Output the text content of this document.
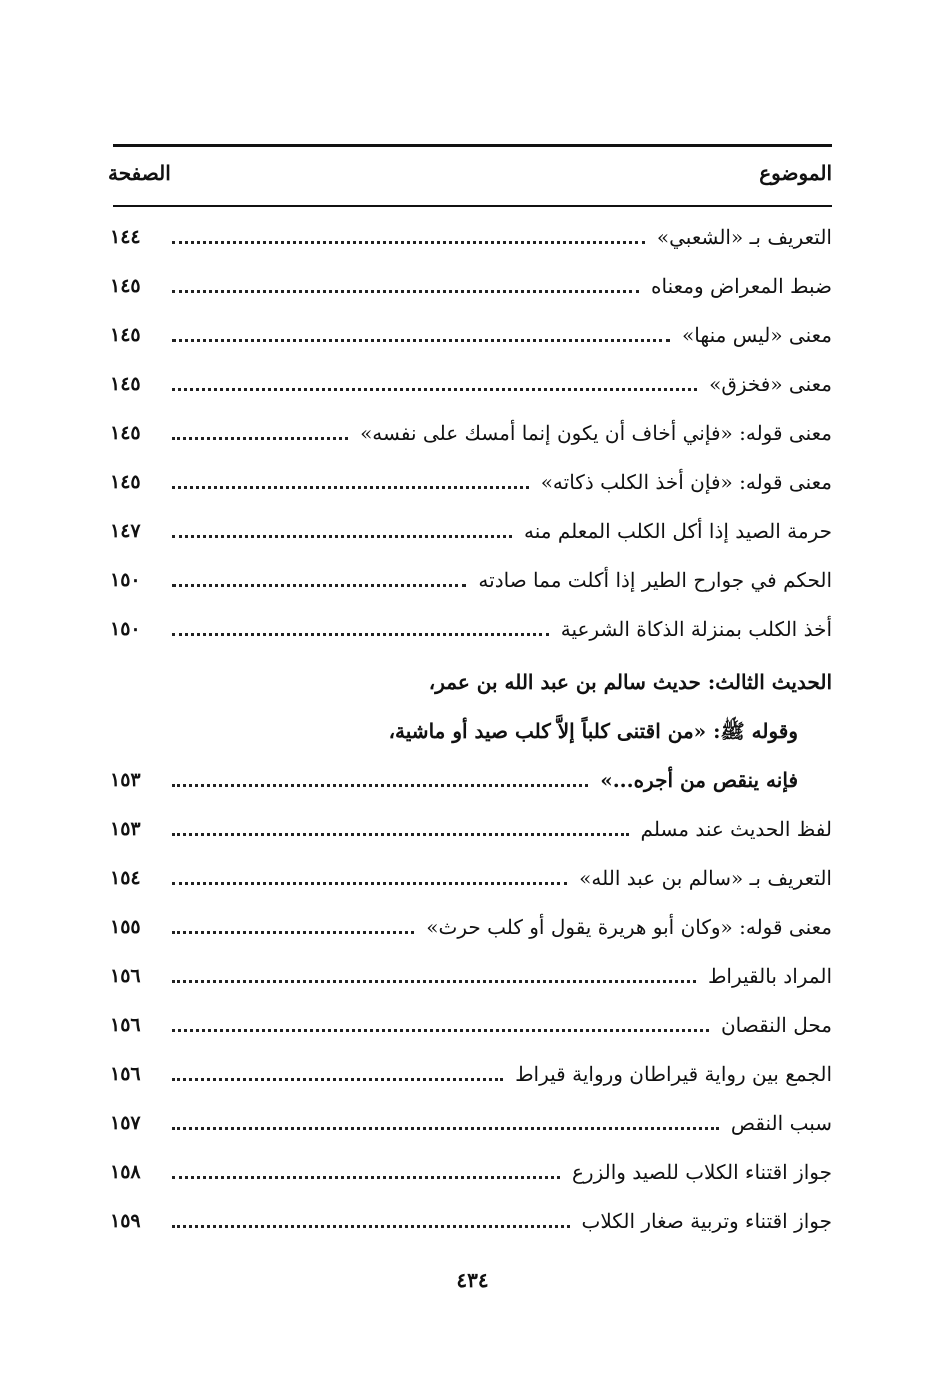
الموضوع
الصفحة
التعريف بـ «الشعبي»
١٤٤
ضبط المعراض ومعناه
١٤٥
معنى «ليس منها»
١٤٥
معنى «فخزق»
١٤٥
معنى قوله: «فإني أخاف أن يكون إنما أمسك على نفسه»
١٤٥
معنى قوله: «فإن أخذ الكلب ذكاته»
١٤٥
حرمة الصيد إذا أكل الكلب المعلم منه
١٤٧
الحكم في جوارح الطير إذا أكلت مما صادته
١٥٠
أخذ الكلب بمنزلة الذكاة الشرعية
١٥٠
الحديث الثالث: حديث سالم بن عبد الله بن عمر،
وقوله ﷺ: «من اقتنى كلباً إلاَّ كلب صيد أو ماشية،
فإنه ينقص من أجره...»
١٥٣
لفظ الحديث عند مسلم
١٥٣
التعريف بـ «سالم بن عبد الله»
١٥٤
معنى قوله: «وكان أبو هريرة يقول أو كلب حرث»
١٥٥
المراد بالقيراط
١٥٦
محل النقصان
١٥٦
الجمع بين رواية قيراطان ورواية قيراط
١٥٦
سبب النقص
١٥٧
جواز اقتناء الكلاب للصيد والزرع
١٥٨
جواز اقتناء وتربية صغار الكلاب
١٥٩
٤٣٤
